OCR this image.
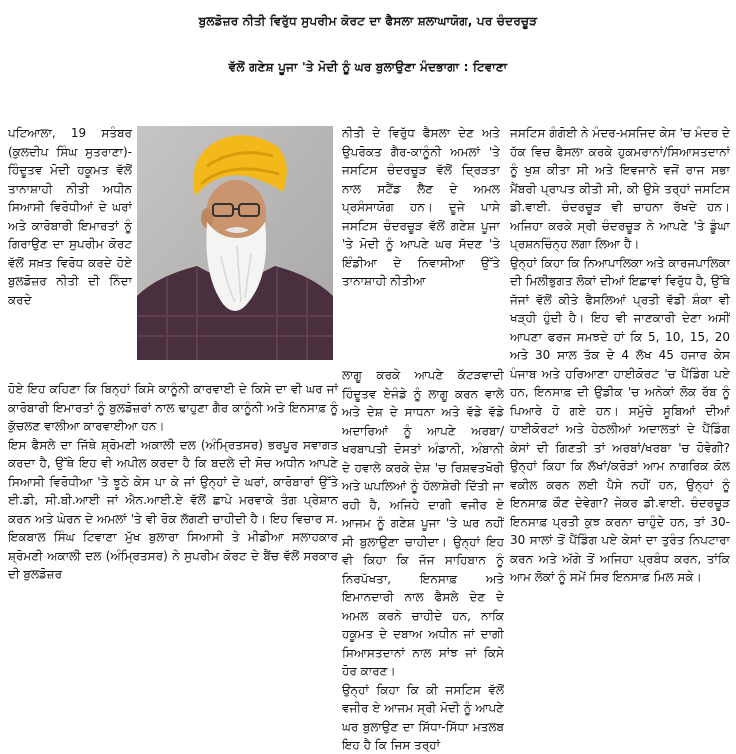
ਬੁਲਡੋਜ਼ਰ ਨੀਤੀ ਵਿਰੁੱਧ ਸੁਪਰੀਮ ਕੋਰਟ ਦਾ ਫੈਸਲਾ ਸ਼ਲਾਘਾਯੋਗ, ਪਰ ਚੰਦਰਚੂੜ
ਵੱਲੋਂ ਗਣੇਸ਼ ਪੂਜਾ 'ਤੇ ਮੋਦੀ ਨੂੰ ਘਰ ਬੁਲਾਉਣਾ ਮੰਦਭਾਗਾ : ਟਿਵਾਣਾ

ਪਟਿਆਲਾ, 19 ਸਤੰਬਰ (ਕੁਲਦੀਪ ਸਿੰਘ ਸੁਤਰਾਣਾ)- ਹਿੰਦੂਤਵ ਮੋਦੀ ਹਕੂਮਤ ਵੱਲੋਂ ਤਾਨਾਸ਼ਾਹੀ ਨੀਤੀ ਅਧੀਨ ਸਿਆਸੀ ਵਿਰੋਧੀਆਂ ਦੇ ਘਰਾਂ ਅਤੇ ਕਾਰੋਬਾਰੀ ਇਮਾਰਤਾਂ ਨੂੰ ਗਿਰਾਉਣ ਦਾ ਸੁਪਰੀਮ ਕੋਰਟ ਵੱਲੋਂ ਸਖ਼ਤ ਵਿਰੋਧ ਕਰਦੇ ਹੋਏ ਬੁਲਡੋਜ਼ਰ ਨੀਤੀ ਦੀ ਨਿੰਦਾ ਕਰਦੇ

ਹੋਏ ਇਹ ਕਹਿਣਾ ਕਿ ਬਿਨ੍ਹਾਂ ਕਿਸੇ ਕਾਨੂੰਨੀ ਕਾਰਵਾਈ ਦੇ ਕਿਸੇ ਦਾ ਵੀ ਘਰ ਜਾਂ ਕਾਰੋਬਾਰੀ ਇਮਾਰਤਾਂ ਨੂੰ ਬੁਲਡੋਜ਼ਰਾਂ ਨਾਲ ਢਾਹੁਣਾ ਗੈਰ ਕਾਨੂੰਨੀ ਅਤੇ ਇਨਸਾਫ਼ ਨੂੰ ਕੁੱਚਲਣ ਵਾਲੀਆ ਕਾਰਵਾਈਆ ਹਨ।

ਇਸ ਫੈਸਲੇ ਦਾ ਜਿੱਥੇ ਸ਼੍ਰੋਮਣੀ ਅਕਾਲੀ ਦਲ (ਅੰਮ੍ਰਿਤਸਰ) ਭਰਪੂਰ ਸਵਾਗਤ ਕਰਦਾ ਹੈ, ਉੱਥੇ ਇਹ ਵੀ ਅਪੀਲ ਕਰਦਾ ਹੈ ਕਿ ਬਦਲੇ ਦੀ ਸੋਚ ਅਧੀਨ ਆਪਣੇ ਸਿਆਸੀ ਵਿਰੋਧੀਆ 'ਤੇ ਝੂਠੇ ਕੇਸ ਪਾ ਕੇ ਜਾਂ ਉਨ੍ਹਾਂ ਦੇ ਘਰਾਂ, ਕਾਰੋਬਾਰਾਂ ਉੱਤੇ ਈ.ਡੀ, ਸੀ.ਬੀ.ਆਈ ਜਾਂ ਐਨ.ਆਈ.ਏ ਵੱਲੋਂ ਛਾਪੇ ਮਰਵਾਕੇ ਤੰਗ ਪ੍ਰੇਸ਼ਾਨ ਕਰਨ ਅਤੇ ਘੇਰਨ ਦੇ ਅਮਲਾਂ 'ਤੇ ਵੀ ਰੋਕ ਲੱਗਣੀ ਚਾਹੀਦੀ ਹੈ। ਇਹ ਵਿਚਾਰ ਸ. ਇਕਬਾਲ ਸਿੰਘ ਟਿਵਾਣਾ ਮੁੱਖ ਬੁਲਾਰਾ ਸਿਆਸੀ ਤੇ ਮੀਡੀਆ ਸਲਾਹਕਾਰ ਸ਼੍ਰੋਮਣੀ ਅਕਾਲੀ ਦਲ (ਅੰਮ੍ਰਿਤਸਰ) ਨੇ ਸੁਪਰੀਮ ਕੋਰਟ ਦੇ ਬੈਂਚ ਵੱਲੋਂ ਸਰਕਾਰ ਦੀ ਬੁਲਡੋਜ਼ਰ

ਨੀਤੀ ਦੇ ਵਿਰੁੱਧ ਫੈਸਲਾ ਦੇਣ ਅਤੇ ਉਪਰੋਕਤ ਗੈਰ-ਕਾਨੂੰਨੀ ਅਮਲਾਂ 'ਤੇ ਜਸਟਿਸ ਚੰਦਰਚੂੜ ਵੱਲੋਂ ਦ੍ਰਿੜਤਾ ਨਾਲ ਸਟੈਂਡ ਲੈਣ ਦੇ ਅਮਲ ਪ੍ਰਸੰਸਾਯੋਗ ਹਨ। ਦੂਜੇ ਪਾਸੇ ਜਸਟਿਸ ਚੰਦਰਚੂੜ ਵੱਲੋਂ ਗਣੇਸ਼ ਪੂਜਾ 'ਤੇ ਮੋਦੀ ਨੂੰ ਆਪਣੇ ਘਰ ਸੱਦਣ 'ਤੇ ਇੰਡੀਆ ਦੇ ਨਿਵਾਸੀਆ ਉੱਤੇ ਤਾਨਾਸ਼ਾਹੀ ਨੀਤੀਆ

ਲਾਗੂ ਕਰਕੇ ਆਪਣੇ ਕੱਟੜਵਾਦੀ ਹਿੰਦੂਤਵ ਏਜੰਡੇ ਨੂੰ ਲਾਗੂ ਕਰਨ ਵਾਲੇ ਅਤੇ ਦੇਸ਼ ਦੇ ਸਾਧਨਾ ਅਤੇ ਵੱਡੇ ਵੱਡੇ ਅਦਾਰਿਆਂ ਨੂੰ ਆਪਣੇ ਅਰਬਾ/ਖਰਬਾਪਤੀ ਦੋਸਤਾਂ ਅੰਡਾਨੀ, ਅੰਬਾਨੀ ਦੇ ਹਵਾਲੇ ਕਰਕੇ ਦੇਸ਼ 'ਚ ਰਿਸ਼ਵਤਖੋਰੀ ਅਤੇ ਘਪਲਿਆਂ ਨੂੰ ਹੱਲਾਸ਼ੇਰੀ ਦਿੱਤੀ ਜਾ ਰਹੀ ਹੈ, ਅਜਿਹੇ ਦਾਗੀ ਵਜੀਰ ਏ ਆਜਮ ਨੂੰ ਗਣੇਸ਼ ਪੂਜਾ 'ਤੇ ਘਰ ਨਹੀਂ ਸੀ ਬੁਲਾਉਣਾ ਚਾਹੀਦਾ। ਉਨ੍ਹਾਂ ਇਹ ਵੀ ਕਿਹਾ ਕਿ ਜੱਜ ਸਾਹਿਬਾਨ ਨੂੰ ਨਿਰਪੱਖਤਾ, ਇਨਸਾਫ਼ ਅਤੇ ਇਮਾਨਦਾਰੀ ਨਾਲ ਫੈਸਲੇ ਦੇਣ ਦੇ ਅਮਲ ਕਰਨੇ ਚਾਹੀਦੇ ਹਨ, ਨਾਕਿ ਹਕੂਮਤ ਦੇ ਦਬਾਅ ਅਧੀਨ ਜਾਂ ਦਾਗੀ ਸਿਆਸਤਦਾਨਾਂ ਨਾਲ ਸਾਂਝ ਜਾਂ ਕਿਸੇ ਹੋਰ ਕਾਰਣ।

ਉਨ੍ਹਾਂ ਕਿਹਾ ਕਿ ਕੀ ਜਸਟਿਸ ਵੱਲੋਂ ਵਜੀਰ ਏ ਆਜਮ ਸ੍ਰੀ ਮੋਦੀ ਨੂੰ ਆਪਣੇ ਘਰ ਬੁਲਾਉਣ ਦਾ ਸਿੱਧਾ-ਸਿੱਧਾ ਮਤਲਬ ਇਹ ਹੈ ਕਿ ਜਿਸ ਤਰ੍ਹਾਂ

ਜਸਟਿਸ ਗੰਗੋਈ ਨੇ ਮੰਦਰ-ਮਸਜਿਦ ਕੇਸ 'ਚ ਮੰਦਰ ਦੇ ਹੱਕ ਵਿਚ ਫੈਸਲਾ ਕਰਕੇ ਹੁਕਮਰਾਨਾਂ/ਸਿਆਸਤਦਾਨਾਂ ਨੂੰ ਖੁਸ਼ ਕੀਤਾ ਸੀ ਅਤੇ ਇਵਜਾਨੇ ਵਜੋਂ ਰਾਜ ਸਭਾ ਮੈਂਬਰੀ ਪ੍ਰਾਪਤ ਕੀਤੀ ਸੀ, ਕੀ ਉਸੇ ਤਰ੍ਹਾਂ ਜਸਟਿਸ ਡੀ.ਵਾਈ. ਚੰਦਰਚੂੜ ਵੀ ਚਾਹਨਾ ਰੱਖਦੇ ਹਨ। ਅਜਿਹਾ ਕਰਕੇ ਸ੍ਰੀ ਚੰਦਰਚੂੜ ਨੇ ਆਪਣੇ 'ਤੇ ਡੂੰਘਾ ਪ੍ਰਸ਼ਨਚਿੰਨ੍ਹ ਲਗਾ ਲਿਆ ਹੈ।

ਉਨ੍ਹਾਂ ਕਿਹਾ ਕਿ ਨਿਆਪਾਲਿਕਾ ਅਤੇ ਕਾਰਜਪਾਲਿਕਾ ਦੀ ਮਿਲੀਭੁਗਤ ਲੋਕਾਂ ਦੀਆਂ ਇਛਾਵਾਂ ਵਿਰੁੱਧ ਹੈ, ਉੱਥੇ ਜੱਜਾਂ ਵੱਲੋਂ ਕੀਤੇ ਫੈਸਲਿਆਂ ਪ੍ਰਤੀ ਵੱਡੀ ਸ਼ੰਕਾ ਵੀ ਖੜ੍ਹੀ ਹੁੰਦੀ ਹੈ। ਇਹ ਵੀ ਜਾਣਕਾਰੀ ਦੇਣਾ ਅਸੀਂ ਆਪਣਾ ਫਰਜ ਸਮਝਦੇ ਹਾਂ ਕਿ 5, 10, 15, 20 ਅਤੇ 30 ਸਾਲ ਤੱਕ ਦੇ 4 ਲੱਖ 45 ਹਜਾਰ ਕੇਸ ਪੰਜਾਬ ਅਤੇ ਹਰਿਆਣਾ ਹਾਈਕੋਰਟ 'ਚ ਪੈਂਡਿੰਗ ਪਏ ਹਨ, ਇਨਸਾਫ਼ ਦੀ ਉਡੀਕ 'ਚ ਅਨੇਕਾਂ ਲੋਕ ਰੱਬ ਨੂੰ ਪਿਆਰੇ ਹੋ ਗਏ ਹਨ। ਸਮੁੱਚੇ ਸੂਬਿਆਂ ਦੀਆਂ ਹਾਈਕੋਰਟਾਂ ਅਤੇ ਹੇਠਲੀਆਂ ਅਦਾਲਤਾਂ ਦੇ ਪੈਂਡਿੰਗ ਕੇਸਾਂ ਦੀ ਗਿਣਤੀ ਤਾਂ ਅਰਬਾਂ/ਖਰਬਾ 'ਚ ਹੋਵੇਗੀ? ਉਨ੍ਹਾਂ ਕਿਹਾ ਕਿ ਲੱਖਾਂ/ਕਰੋੜਾਂ ਆਮ ਨਾਗਰਿਕ ਕੋਲ ਵਕੀਲ ਕਰਨ ਲਈ ਪੈਸੇ ਨਹੀਂ ਹਨ, ਉਨ੍ਹਾਂ ਨੂੰ ਇਨਸਾਫ਼ ਕੌਣ ਦੇਵੇਗਾ? ਜੇਕਰ ਡੀ.ਵਾਈ. ਚੰਦਰਚੂੜ ਇਨਸਾਫ਼ ਪ੍ਰਤੀ ਕੁਝ ਕਰਨਾ ਚਾਹੁੰਦੇ ਹਨ, ਤਾਂ 30-30 ਸਾਲਾਂ ਤੋਂ ਪੈਂਡਿੰਗ ਪਏ ਕੇਸਾਂ ਦਾ ਤੁਰੰਤ ਨਿਪਟਾਰਾ ਕਰਨ ਅਤੇ ਅੱਗੇ ਤੋਂ ਅਜਿਹਾ ਪ੍ਰਬੰਧ ਕਰਨ, ਤਾਂਕਿ ਆਮ ਲੋਕਾਂ ਨੂੰ ਸਮੇਂ ਸਿਰ ਇਨਸਾਫ਼ ਮਿਲ ਸਕੇ।
